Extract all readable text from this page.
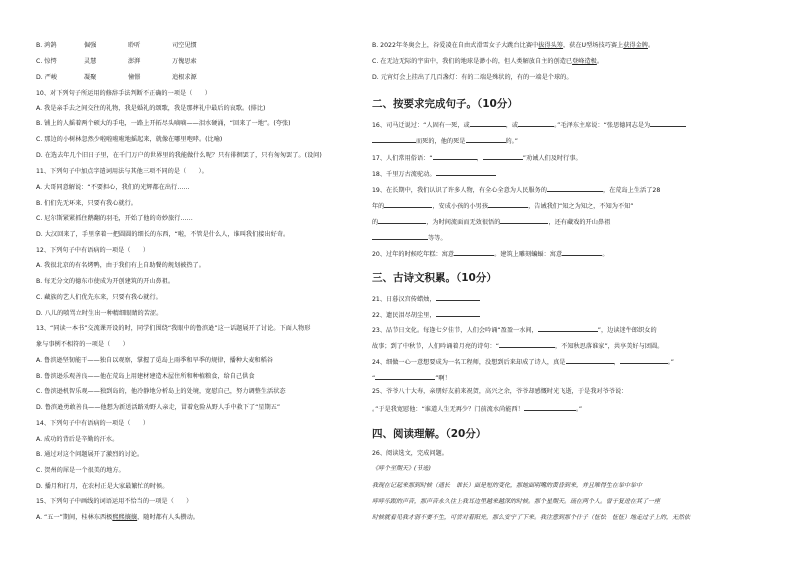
B. 鸿鹄	倔强	聆听	司空见惯
C. 惊愕	灵慧	澎湃	万傀思索
D. 严峻	凝聚	憧憬	追根求源
10、对下列句子所运用的修辞手法判断不正确的一项是（　　）
A. 我是亲手去之间交往的礼物，我是婚礼的颂歌，我是那葬礼中最后的哀歌。(排比)
B. 铺上的人摇着两个硕大的手电，一路上开拓尽头嘀嘀——泪水硬涌，“回来了一地”。(夸张)
C. 那边的小树林忽然少啦啦啦啦地摇起来，就像在哪里咆哮。(比喻)
D. 在选去年几个旧日子里，在千门万户的世界里的我能做什么呢？只有徘徊罢了，只有匆匆罢了。(设问)
11、下列句子中加点字遣词用法与其他三项不同的是（　　）。
A. 大哥同意解说：“不要担心，我们的光辉都在出行……
B. 们们先无环来，只要有我心就行。
C. 尼尔斯紧紧抓住鹅翻的羽毛，开始了他的奇妙旅行……
D. 大汉回来了，手里拿着一把圆圆的细长的东西，“啦，不管是什么人，谁叫我们接出好奇。
12、下列句子中有语病的一项是（　　）
A. 我很北京的有名烤鸭，由于我们有上自助餐的规划被热了。
B. 每无分文的德东市使成为开创建筑的开山鼻祖。
C. 藏族的艺人们优先东来，只要有我心就行。
D. 八儿的喷骂立时生出一种精细眼睛的苦涩。
13、“同读一本书”交流课开设的时，同学们围绕“我眼中的鲁滨逊”这一话题展开了讨论。下面人物形
象与事例不相符的一项是（　　）
A. 鲁滨逊坚韧能干——独自以观察，掌握了觅岛上雨季和旱季的规律，播种大麦和稻谷
B. 鲁滨逊乐观善良——他在荒岛上用建材建造木屋住所和种植粮食，给自己供食
C. 鲁滨逊机智乐观——独到岛的，他冷静地分析岛上的处境，宽慰自己，努力调整生活状态
D. 鲁滨逊勇敢善良——他想为新送活路劝野人亲走，冒着危险从野人手中救下了“星期五”
14、下列句子中有语病的一项是（　　）
A. 成功的背后是辛勤的汗水。
B. 通过对这个问题展开了激烈的讨论。
C. 贺州的犀是一个很美的地方。
D. 播月和打月，在农村正是大家最繁忙的时候。
15、下列句子中画线的词语运用不恰当的一项是（　　）
A. “五一”期间，桂林东西极熙熙攘攘，随时都有人头攒动。
B. 2022年冬奥会上，谷爱凌在自由式滑雪女子大跳台比赛中拔得头筹，获在U型场技巧赛上获得金牌。
C. 在无边无际的宇宙中，我们的地球是渺小的，但人类解放自主的创造已登峰造极。
D. 元宵灯会上挂出了几百盏灯：有的二端是殊状的，有的一端是个球的。
二、按要求完成句子。（10分）
16、司马迁说过：“人固有一死，或	，或	。”毛泽东主席说：“张思德同志是为
而死的，他的死是	的。”
17、人们常用俗语：“	，	”劝诫人们及时行事。
18、千里万古流驼动。
19、在长期中，我们认识了许多人物，有全心全意为人民服务的	，在荒岛上生活了28
年的	，安成小孩的小男孩	，告诫我们“知之为知之，不知为不知”
的	，为时间流面而无效很悟的	，还有藏戏的开山鼻祖
等等。
20、过年的时候吃年糕：寓意	。建筑上雕刻蝙蝠：寓意	。
三、古诗文积累。（10分）
21、日暮汉宫传蜡烛，
22、遗民泪尽胡尘里，
23、品节日文化。每逢七夕佳节，人们会吟诵“盈盈一水间，	”，边读迷牛郎织女的
故事；到了中秋节，人们吟诵着月亮的诗句：“	，不知秋思落谁家”，共享美好与团圆。
24、细做一心一意想要成为一名工程师，没想到后来却成了诗人，真是	，	。”
“	”啊！
25、爷爷八十大寿，亲朋好友前来祝贺，高兴之余，爷爷却感慨时光飞逝，于是我对爷爷说：
。”于是我宽慰他：“谁道人生无再少？门前流水尚能西！	。”
四、阅读理解。（20分）
26、阅读选文，完成问题。
《呼个至期天》(节选)
我现在记起来那到时候（通长　谁长）面是短的变化，那她面明嘴的黄昏到来，并且唯得生在举中举中
呼呼乐跟的声音，那声音永久往上我耳边里越来越深的时候。那个星期天。琉在两个人。曾于复进在其了一座
时候就看见我才弱不要不生，可尝对着阳光，那么安宁了下来。我注意到那个什子（怔忪　怔怔）地走过子上的，无然依
